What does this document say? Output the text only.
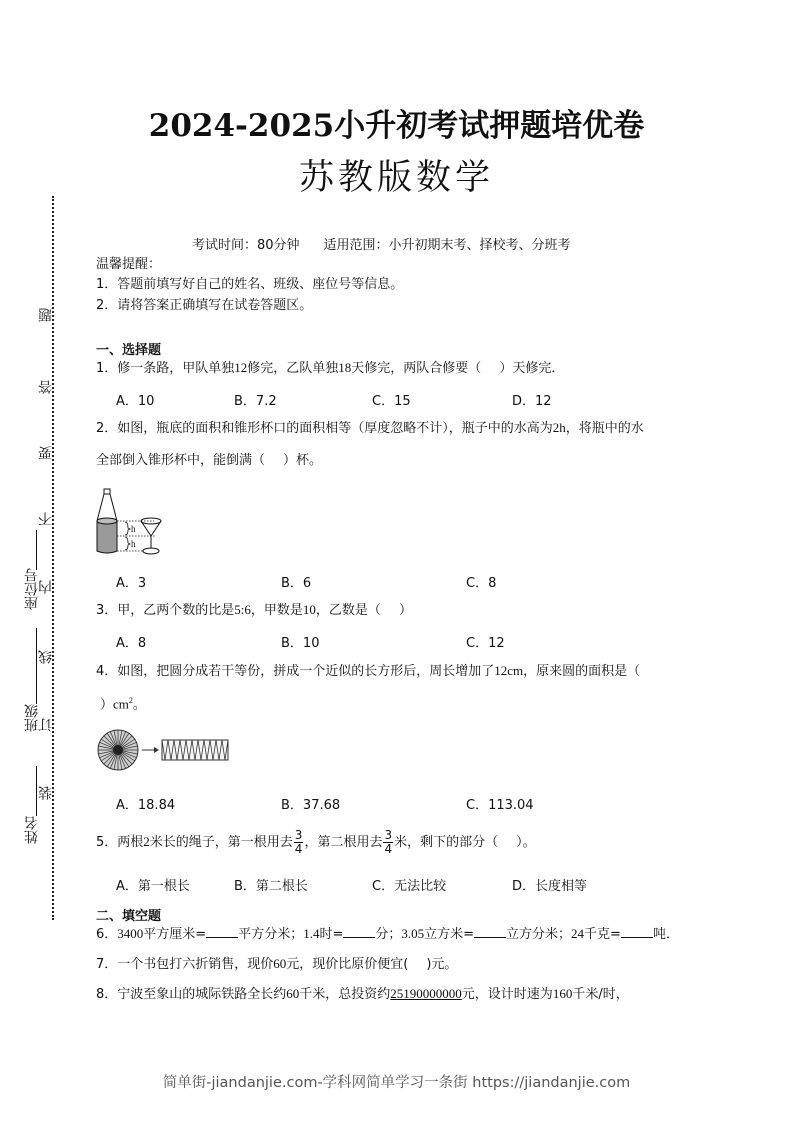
2024-2025小升初考试押题培优卷
苏教版数学
考试时间：80分钟 适用范围：小升初期末考、择校考、分班考
温馨提醒：
1．答题前填写好自己的姓名、班级、座位号等信息。
2．请将答案正确填写在试卷答题区。
题
答
要
不
内
线
订
装
座位号
班级
姓名
一、选择题
1．修一条路，甲队单独12修完，乙队单独18天修完，两队合修要（ ）天修完．
A．10	B．7.2	C．15	D．12
2．如图，瓶底的面积和锥形杯口的面积相等（厚度忽略不计），瓶子中的水高为2h，将瓶中的水
全部倒入锥形杯中，能倒满（ ）杯。
h
h
A．3	B．6	C．8
3．甲，乙两个数的比是5:6，甲数是10，乙数是（ ）
A．8	B．10	C．12
4．如图，把圆分成若干等份，拼成一个近似的长方形后，周长增加了12cm，原来圆的面积是（
）$cm^2$。
A．18.84	B．37.68	C．113.04
5．两根2米长的绳子，第一根用去 $\frac{3}{4}$ ，第二根用去 $\frac{3}{4}$ 米，剩下的部分（ ）。
A．第一根长	B．第二根长	C．无法比较	D．长度相等
二、填空题
6．3400平方厘米= 平方分米；1.4时= 分；3.05立方米= 立方分米；24千克= 吨．
7．一个书包打六折销售，现价60元，现价比原价便宜( )元。
8．宁波至象山的城际铁路全长约60千米，总投资约25190000000元，设计时速为160千米/时，
简单街-jiandanjie.com-学科网简单学习一条街 https://jiandanjie.com
